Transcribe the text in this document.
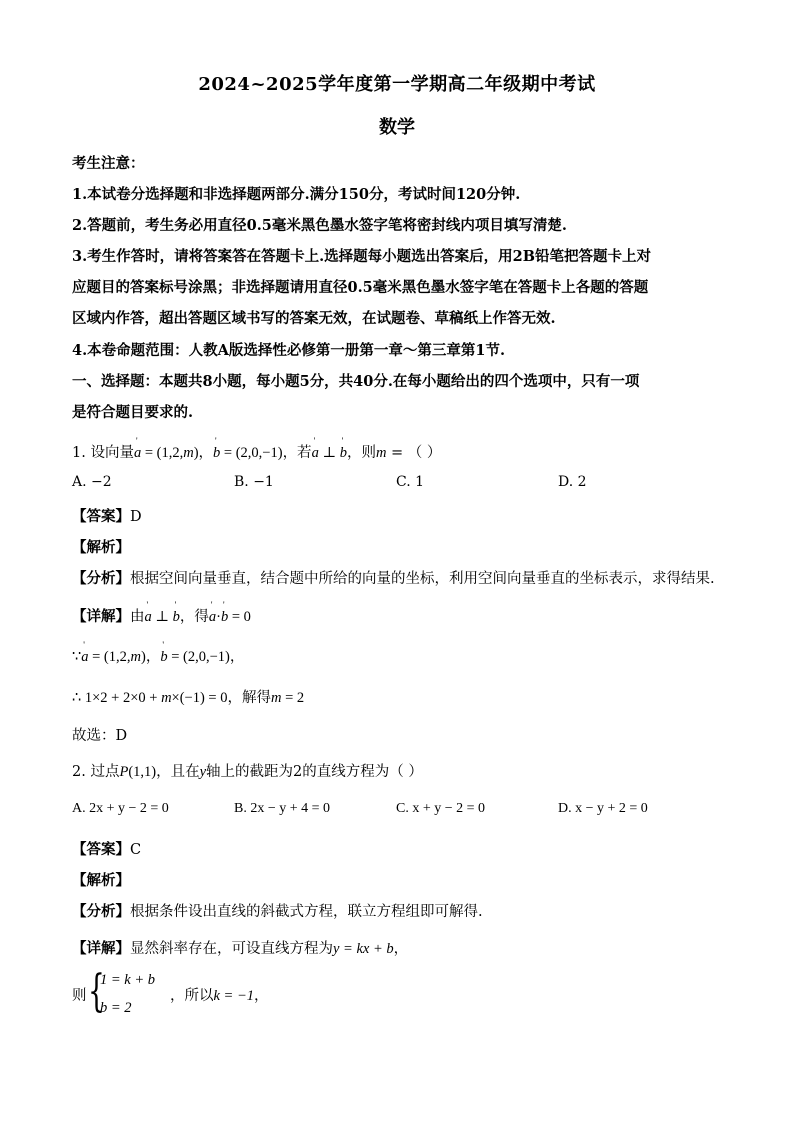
2024~2025学年度第一学期高二年级期中考试
数学
考生注意：
1.本试卷分选择题和非选择题两部分.满分150分，考试时间120分钟.
2.答题前，考生务必用直径0.5毫米黑色墨水签字笔将密封线内项目填写清楚.
3.考生作答时，请将答案答在答题卡上.选择题每小题选出答案后，用2B铅笔把答题卡上对
应题目的答案标号涂黑；非选择题请用直径0.5毫米黑色墨水签字笔在答题卡上各题的答题
区域内作答，超出答题区域书写的答案无效，在试题卷、草稿纸上作答无效.
4.本卷命题范围：人教A版选择性必修第一册第一章～第三章第1节.
一、选择题：本题共8小题，每小题5分，共40分.在每小题给出的四个选项中，只有一项
是符合题目要求的.
1. 设向量' a = (1,2,m)，' b = (2,0,−1)，若' a ⊥ ' b，则m = （ ）
A. −2	B. −1	C. 1	D. 2
【答案】D
【解析】
【分析】根据空间向量垂直，结合题中所给的向量的坐标，利用空间向量垂直的坐标表示，求得结果.
【详解】由' a ⊥ ' b，得' a·' b = 0
∵' a = (1,2,m)，' b = (2,0,−1)，
∴ 1×2 + 2×0 + m×(−1) = 0，解得m = 2
故选：D
2. 过点P(1,1)，且在y轴上的截距为2的直线方程为（ ）
A. 2x + y − 2 = 0	B. 2x − y + 4 = 0	C. x + y − 2 = 0	D. x − y + 2 = 0
【答案】C
【解析】
【分析】根据条件设出直线的斜截式方程，联立方程组即可解得.
【详解】显然斜率存在，可设直线方程为y = kx + b，
则 {
1 = k + b
b = 2
，所以k = −1，
